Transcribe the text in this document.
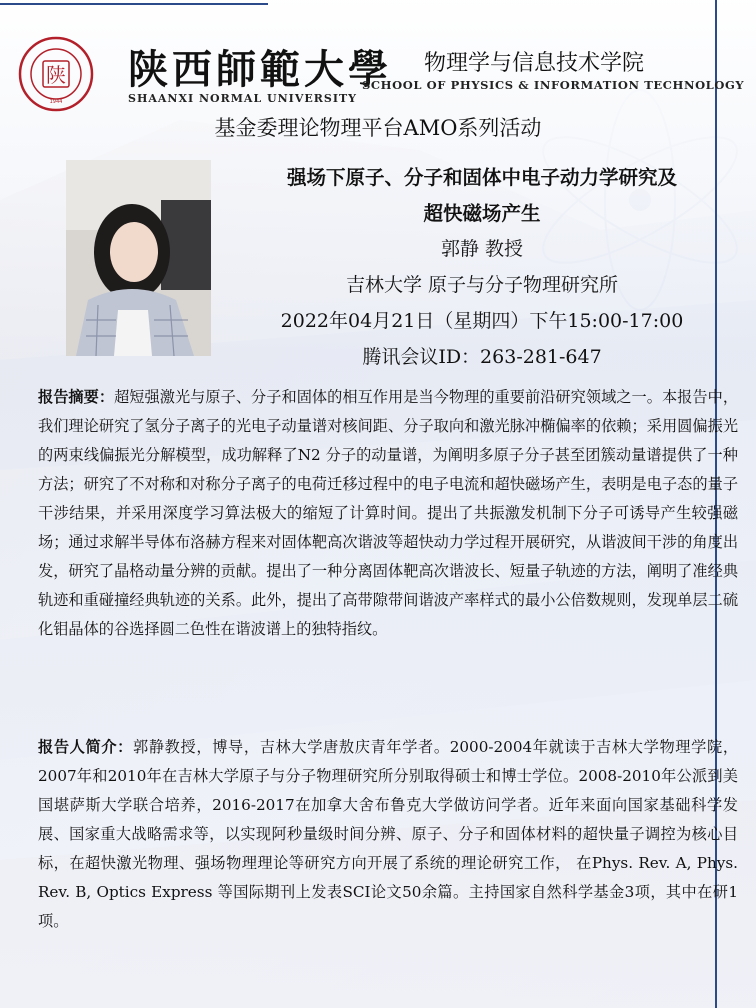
陕
1944
陕西師範大學
SHAANXI NORMAL UNIVERSITY
物理学与信息技术学院
SCHOOL OF PHYSICS & INFORMATION TECHNOLOGY
基金委理论物理平台AMO系列活动
强场下原子、分子和固体中电子动力学研究及
超快磁场产生
郭静 教授
吉林大学 原子与分子物理研究所
2022年04月21日（星期四）下午15:00-17:00
腾讯会议ID：263-281-647
报告摘要：超短强激光与原子、分子和固体的相互作用是当今物理的重要前沿研究领域之一。本报告中，我们理论研究了氢分子离子的光电子动量谱对核间距、分子取向和激光脉冲椭偏率的依赖；采用圆偏振光的两束线偏振光分解模型，成功解释了N2 分子的动量谱，为阐明多原子分子甚至团簇动量谱提供了一种方法；研究了不对称和对称分子离子的电荷迁移过程中的电子电流和超快磁场产生，表明是电子态的量子干涉结果，并采用深度学习算法极大的缩短了计算时间。提出了共振激发机制下分子可诱导产生较强磁场；通过求解半导体布洛赫方程来对固体靶高次谐波等超快动力学过程开展研究，从谐波间干涉的角度出发，研究了晶格动量分辨的贡献。提出了一种分离固体靶高次谐波长、短量子轨迹的方法，阐明了准经典轨迹和重碰撞经典轨迹的关系。此外，提出了高带隙带间谐波产率样式的最小公倍数规则，发现单层二硫化钼晶体的谷选择圆二色性在谐波谱上的独特指纹。
报告人简介：郭静教授，博导，吉林大学唐敖庆青年学者。2000-2004年就读于吉林大学物理学院， 2007年和2010年在吉林大学原子与分子物理研究所分别取得硕士和博士学位。2008-2010年公派到美国堪萨斯大学联合培养，2016-2017在加拿大舍布鲁克大学做访问学者。近年来面向国家基础科学发展、国家重大战略需求等，以实现阿秒量级时间分辨、原子、分子和固体材料的超快量子调控为核心目标，在超快激光物理、强场物理理论等研究方向开展了系统的理论研究工作， 在Phys. Rev. A, Phys. Rev. B, Optics Express 等国际期刊上发表SCI论文50余篇。主持国家自然科学基金3项，其中在研1项。
